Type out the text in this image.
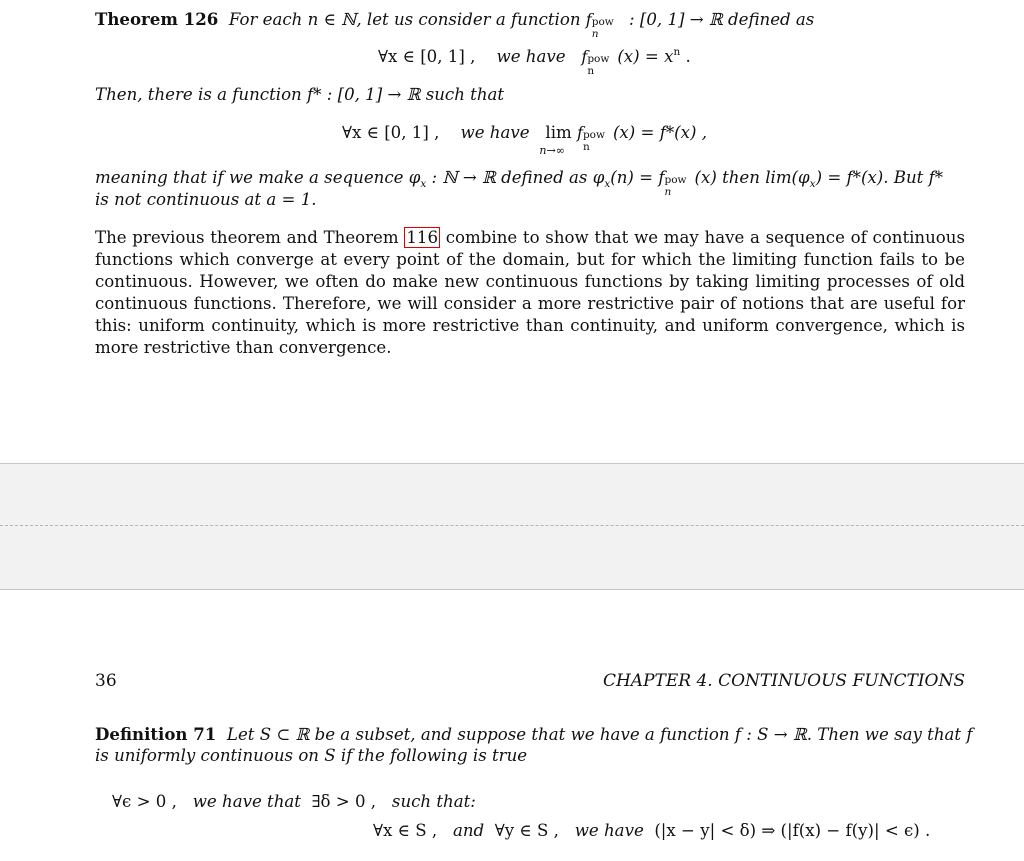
Theorem 126 For each n ∈ ℕ, let us consider a function f pow
n
: [0, 1] → ℝ defined as
∀x ∈ [0, 1] , we have f pow
n
$(x) = x^n$ .
Then, there is a function f* : [0, 1] → ℝ such that
∀x ∈ [0, 1] , we have lim
n→∞
f pow
n
(x) = f*(x) ,
meaning that if we make a sequence $\varphi_x$ : ℕ → ℝ defined as $\varphi_x(n) = f$ pow
n
(x) then $\lim(\varphi_x) = f*(x)$. But f*
is not continuous at a = 1.
The previous theorem and Theorem 116 combine to show that we may have a sequence of continuous functions which converge at every point of the domain, but for which the limiting function fails to be continuous. However, we often do make new continuous functions by taking limiting processes of old continuous functions. Therefore, we will consider a more restrictive pair of notions that are useful for this: uniform continuity, which is more restrictive than continuity, and uniform convergence, which is more restrictive than convergence.
36	CHAPTER 4. CONTINUOUS FUNCTIONS
Definition 71 Let S ⊂ ℝ be a subset, and suppose that we have a function f : S → ℝ. Then we say that f
is uniformly continuous on S if the following is true
∀ϵ > 0 , we have that ∃δ > 0 , such that:
∀x ∈ S , and ∀y ∈ S , we have (|x − y| < δ) ⇒ (|f(x) − f(y)| < ϵ) .
